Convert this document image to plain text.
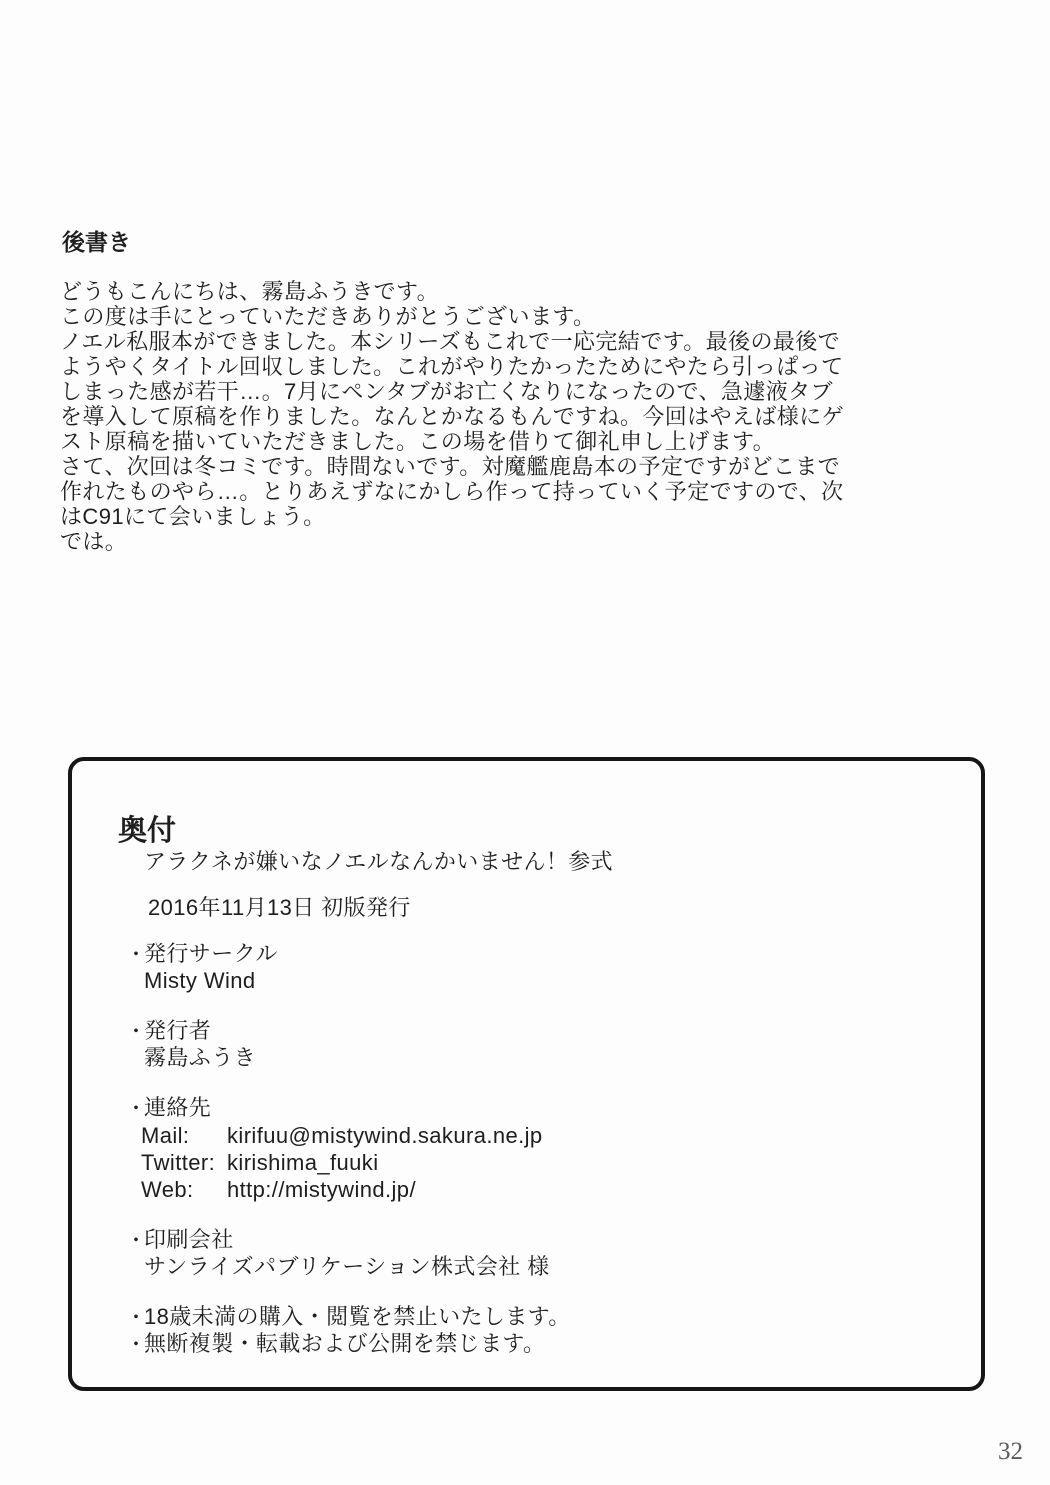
後書き
どうもこんにちは、霧島ふうきです。
この度は手にとっていただきありがとうございます。
ノエル私服本ができました。本シリーズもこれで一応完結です。最後の最後で
ようやくタイトル回収しました。これがやりたかったためにやたら引っぱって
しまった感が若干…。7月にペンタブがお亡くなりになったので、急遽液タブ
を導入して原稿を作りました。なんとかなるもんですね。今回はやえば様にゲ
スト原稿を描いていただきました。この場を借りて御礼申し上げます。
さて、次回は冬コミです。時間ないです。対魔艦鹿島本の予定ですがどこまで
作れたものやら…。とりあえずなにかしら作って持っていく予定ですので、次
はC91にて会いましょう。
では。
奥付
アラクネが嫌いなノエルなんかいません！参式
2016年11月13日 初版発行
・発行サークル
Misty Wind
・発行者
霧島ふうき
・連絡先
Mail:	kirifuu@mistywind.sakura.ne.jp
Twitter: kirishima_fuuki
Web:	http://mistywind.jp/
・印刷会社
サンライズパブリケーション株式会社 様
・18歳未満の購入・閲覧を禁止いたします。
・無断複製・転載および公開を禁じます。
32
